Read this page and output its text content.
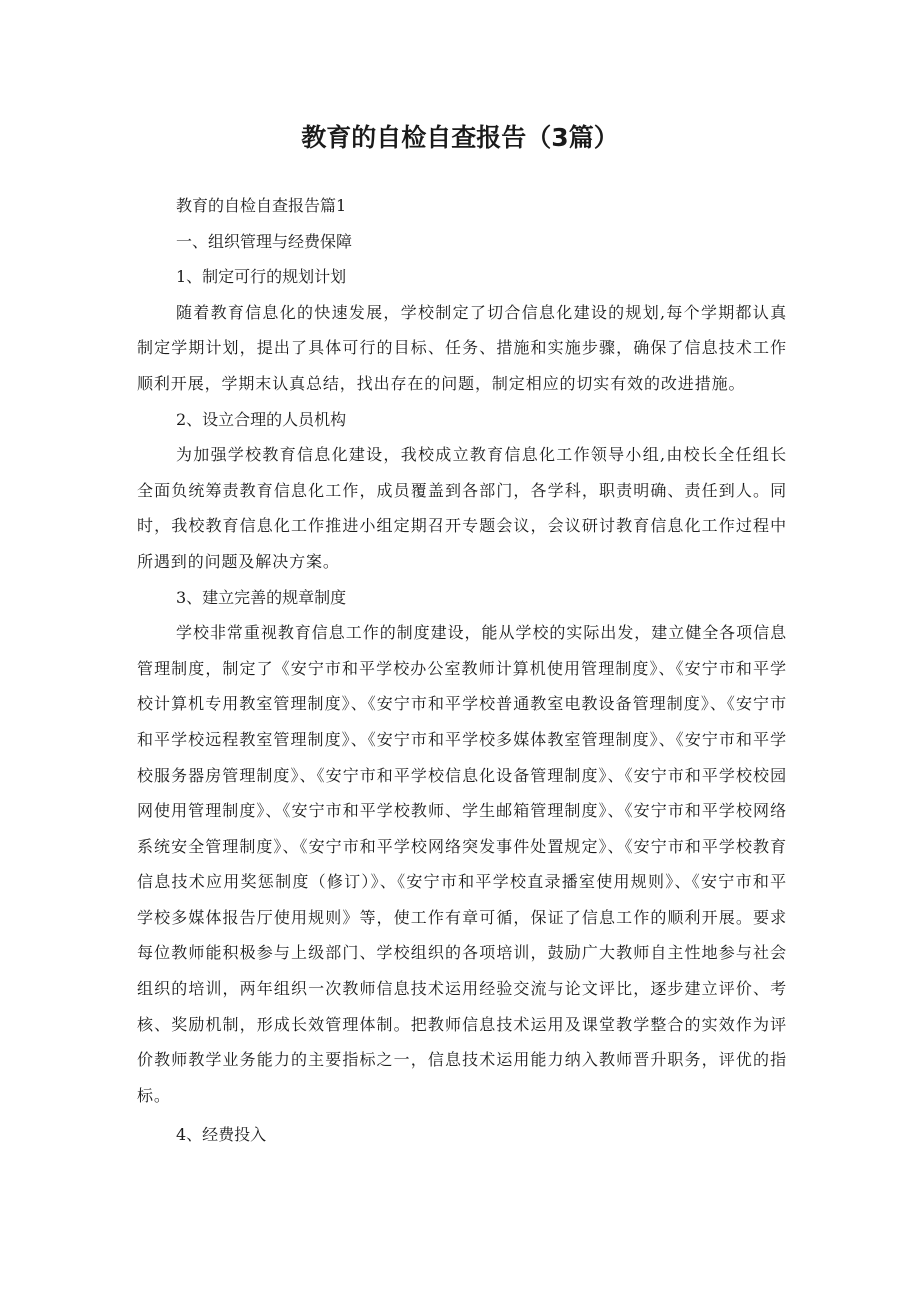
教育的自检自查报告（3篇）

教育的自检自查报告篇1

一、组织管理与经费保障

1、制定可行的规划计划

随着教育信息化的快速发展，学校制定了切合信息化建设的规划,每个学期都认真制定学期计划，提出了具体可行的目标、任务、措施和实施步骤，确保了信息技术工作顺利开展，学期末认真总结，找出存在的问题，制定相应的切实有效的改进措施。

2、设立合理的人员机构

为加强学校教育信息化建设，我校成立教育信息化工作领导小组,由校长全任组长全面负统筹责教育信息化工作，成员覆盖到各部门，各学科，职责明确、责任到人。同时，我校教育信息化工作推进小组定期召开专题会议，会议研讨教育信息化工作过程中所遇到的问题及解决方案。

3、建立完善的规章制度

学校非常重视教育信息工作的制度建设，能从学校的实际出发，建立健全各项信息管理制度，制定了《安宁市和平学校办公室教师计算机使用管理制度》、《安宁市和平学校计算机专用教室管理制度》、《安宁市和平学校普通教室电教设备管理制度》、《安宁市和平学校远程教室管理制度》、《安宁市和平学校多媒体教室管理制度》、《安宁市和平学校服务器房管理制度》、《安宁市和平学校信息化设备管理制度》、《安宁市和平学校校园网使用管理制度》、《安宁市和平学校教师、学生邮箱管理制度》、《安宁市和平学校网络系统安全管理制度》、《安宁市和平学校网络突发事件处置规定》、《安宁市和平学校教育信息技术应用奖惩制度（修订）》、《安宁市和平学校直录播室使用规则》、《安宁市和平学校多媒体报告厅使用规则》等，使工作有章可循，保证了信息工作的顺利开展。要求每位教师能积极参与上级部门、学校组织的各项培训，鼓励广大教师自主性地参与社会组织的培训，两年组织一次教师信息技术运用经验交流与论文评比，逐步建立评价、考核、奖励机制，形成长效管理体制。把教师信息技术运用及课堂教学整合的实效作为评价教师教学业务能力的主要指标之一，信息技术运用能力纳入教师晋升职务，评优的指标。

4、经费投入
